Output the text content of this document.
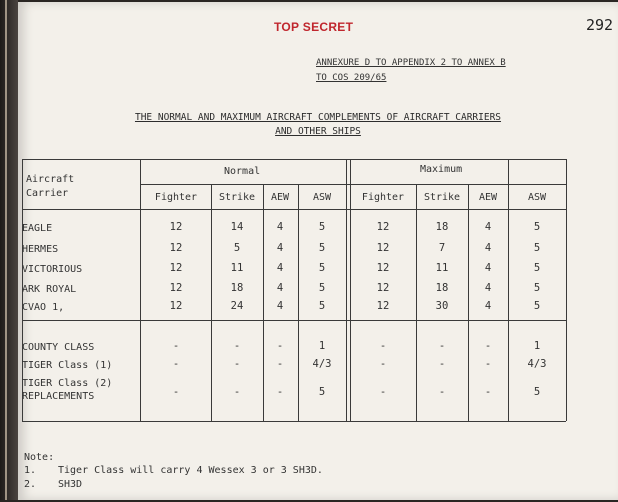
TOP SECRET	292
ANNEXURE D TO APPENDIX 2 TO ANNEX B
TO COS 209/65
THE NORMAL AND MAXIMUM AIRCRAFT COMPLEMENTS OF AIRCRAFT CARRIERS
AND OTHER SHIPS
Aircraft
Carrier
Normal	Maximum
Fighter	Strike	AEW	ASW	Fighter	Strike	AEW	ASW
EAGLE	12	14	4	5	12	18	4	5
HERMES	12	5	4	5	12	7	4	5
VICTORIOUS	12	11	4	5	12	11	4	5
ARK ROYAL	12	18	4	5	12	18	4	5
CVAO 1,	12	24	4	5	12	30	4	5
COUNTY CLASS	-	-	-	1	-	-	-	1
TIGER Class (1)	-	-	-	4/3	-	-	-	4/3
TIGER Class (2)
REPLACEMENTS	-	-	-	5	-	-	-	5
Note:
1. Tiger Class will carry 4 Wessex 3 or 3 SH3D.
2. SH3D
